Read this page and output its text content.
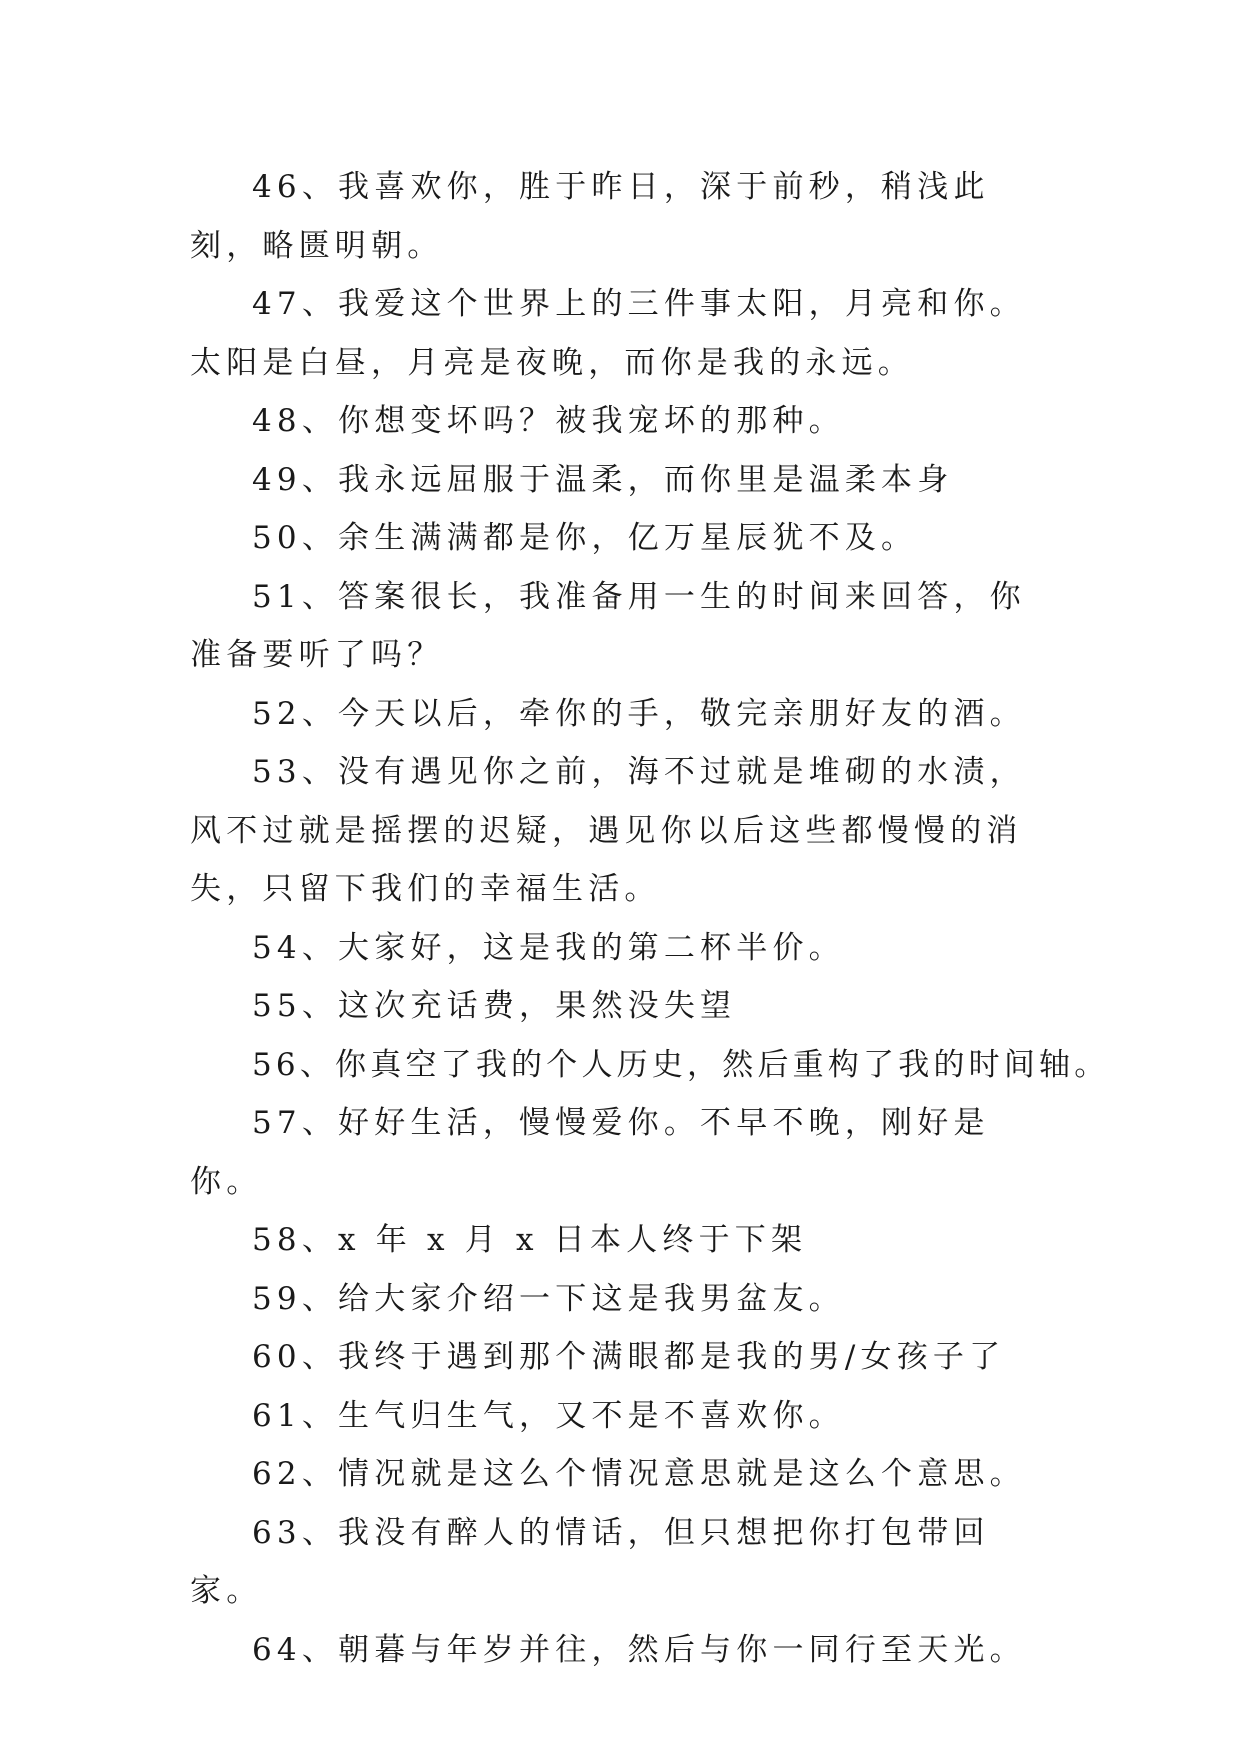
46、我喜欢你，胜于昨日，深于前秒，稍浅此刻，略匮明朝。

47、我爱这个世界上的三件事太阳，月亮和你。太阳是白昼，月亮是夜晚，而你是我的永远。

48、你想变坏吗？被我宠坏的那种。

49、我永远屈服于温柔，而你里是温柔本身

50、余生满满都是你，亿万星辰犹不及。

51、答案很长，我准备用一生的时间来回答，你准备要听了吗？

52、今天以后，牵你的手，敬完亲朋好友的酒。

53、没有遇见你之前，海不过就是堆砌的水渍，风不过就是摇摆的迟疑，遇见你以后这些都慢慢的消失，只留下我们的幸福生活。

54、大家好，这是我的第二杯半价。

55、这次充话费，果然没失望

56、你真空了我的个人历史，然后重构了我的时间轴。

57、好好生活，慢慢爱你。不早不晚，刚好是你。

58、x 年 x 月 x 日本人终于下架

59、给大家介绍一下这是我男盆友。

60、我终于遇到那个满眼都是我的男/女孩子了

61、生气归生气，又不是不喜欢你。

62、情况就是这么个情况意思就是这么个意思。

63、我没有醉人的情话，但只想把你打包带回家。

64、朝暮与年岁并往，然后与你一同行至天光。
